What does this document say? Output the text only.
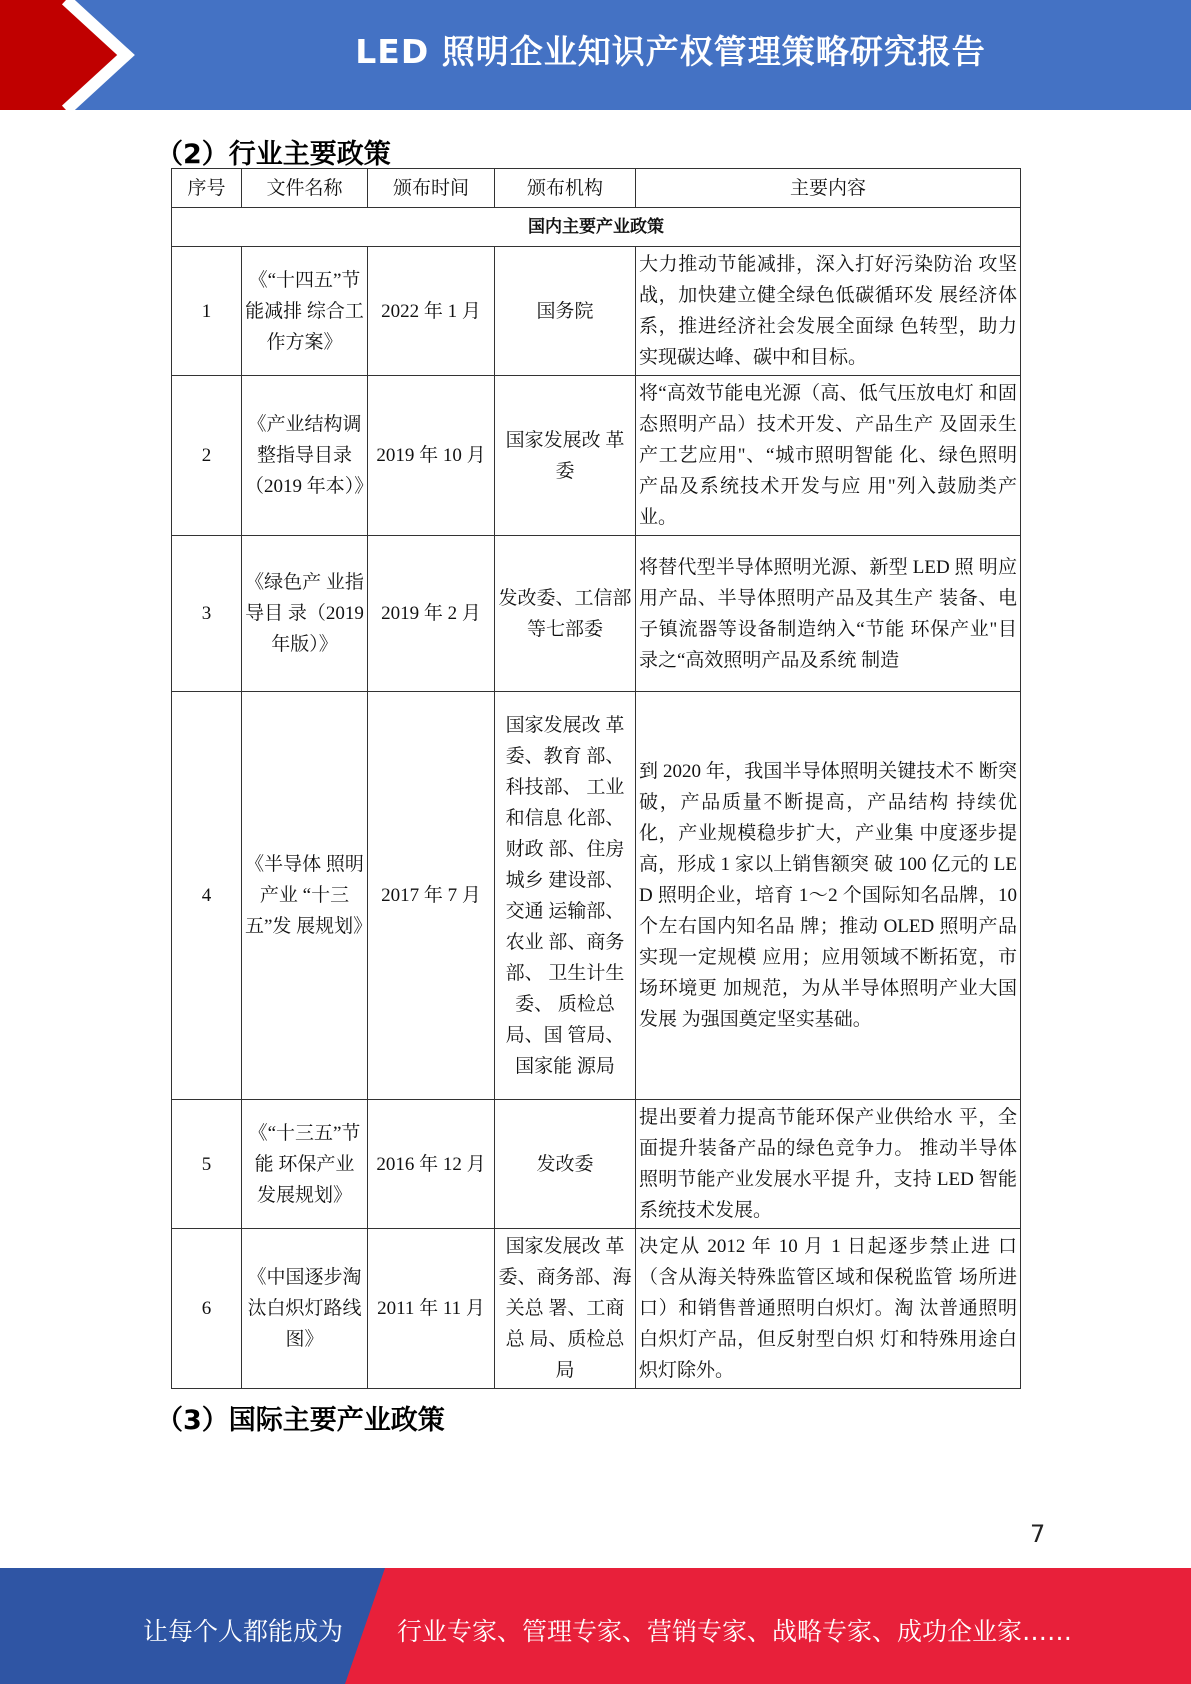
LED 照明企业知识产权管理策略研究报告
（2）行业主要政策
序号	文件名称	颁布时间	颁布机构	主要内容
国内主要产业政策				
1	《“十四五”节能减排 综合工作方案》	2022 年 1 月	国务院	大力推动节能减排，深入打好污染防治 攻坚战，加快建立健全绿色低碳循环发 展经济体系，推进经济社会发展全面绿 色转型，助力实现碳达峰、碳中和目标。
2	《产业结构调整指导目录（2019 年本）》	2019 年 10 月	国家发展改 革委	将“高效节能电光源（高、低气压放电灯 和固态照明产品）技术开发、产品生产 及固汞生产工艺应用"、“城市照明智能 化、绿色照明产品及系统技术开发与应 用"列入鼓励类产业。
3	《绿色产 业指导目 录（2019 年版）》	2019 年 2 月	发改委、工信部等七部委	将替代型半导体照明光源、新型 LED 照 明应用产品、半导体照明产品及其生产 装备、电子镇流器等设备制造纳入“节能 环保产业"目录之“高效照明产品及系统 制造
4	《半导体 照明产业 “十三五”发 展规划》	2017 年 7 月	国家发展改 革委、教育 部、科技部、 工业和信息 化部、财政 部、住房城乡 建设部、交通 运输部、农业 部、商务部、 卫生计生委、 质检总局、国 管局、国家能 源局	到 2020 年，我国半导体照明关键技术不 断突破，产品质量不断提高，产品结构 持续优化，产业规模稳步扩大，产业集 中度逐步提高，形成 1 家以上销售额突 破 100 亿元的 LED 照明企业，培育 1～2 个国际知名品牌，10 个左右国内知名品 牌；推动 OLED 照明产品实现一定规模 应用；应用领域不断拓宽，市场环境更 加规范，为从半导体照明产业大国发展 为强国奠定坚实基础。
5	《“十三五”节能 环保产业 发展规划》	2016 年 12 月	发改委	提出要着力提高节能环保产业供给水 平，全面提升装备产品的绿色竞争力。 推动半导体照明节能产业发展水平提 升，支持 LED 智能系统技术发展。
6	《中国逐步淘汰白炽灯路线图》	2011 年 11 月	国家发展改 革委、商务部、海关总 署、工商总 局、质检总局	决定从 2012 年 10 月 1 日起逐步禁止进 口（含从海关特殊监管区域和保税监管 场所进口）和销售普通照明白炽灯。淘 汰普通照明白炽灯产品，但反射型白炽 灯和特殊用途白炽灯除外。
（3）国际主要产业政策
7
让每个人都能成为 行业专家、管理专家、营销专家、战略专家、成功企业家……
